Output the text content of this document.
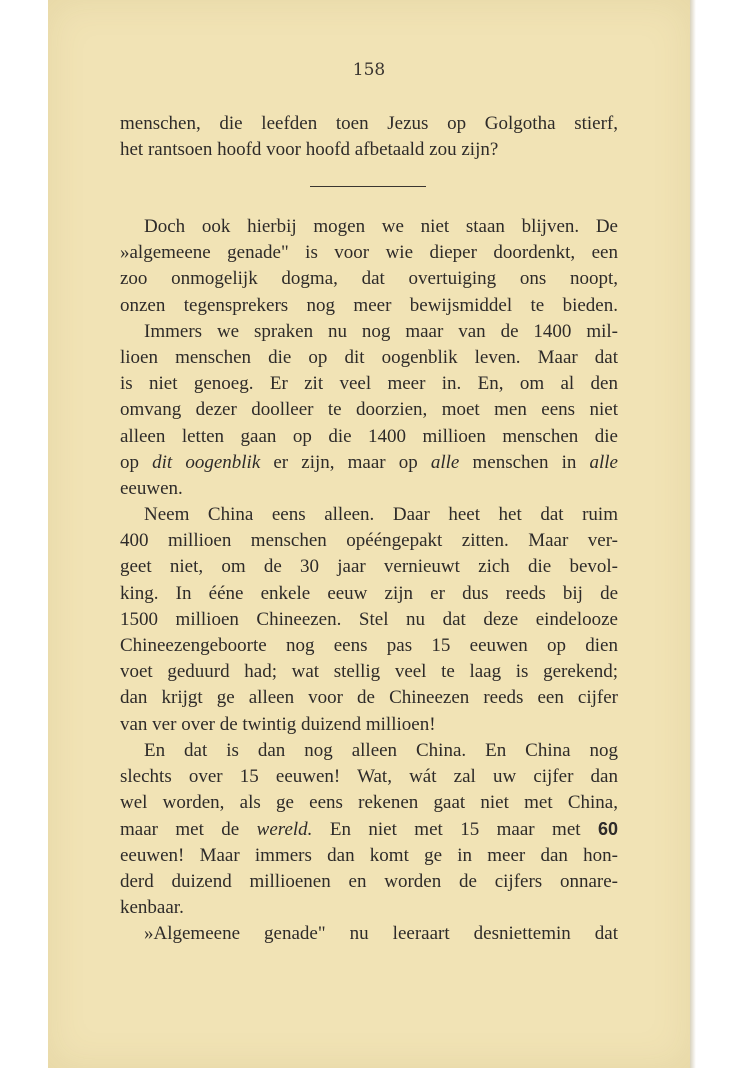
158
menschen, die leefden toen Jezus op Golgotha stierf,
het rantsoen hoofd voor hoofd afbetaald zou zijn?
Doch ook hierbij mogen we niet staan blijven. De
»algemeene genade" is voor wie dieper doordenkt, een
zoo onmogelijk dogma, dat overtuiging ons noopt,
onzen tegensprekers nog meer bewijsmiddel te bieden.
Immers we spraken nu nog maar van de 1400 mil-
lioen menschen die op dit oogenblik leven. Maar dat
is niet genoeg. Er zit veel meer in. En, om al den
omvang dezer doolleer te doorzien, moet men eens niet
alleen letten gaan op die 1400 millioen menschen die
op dit oogenblik er zijn, maar op alle menschen in alle
eeuwen.
Neem China eens alleen. Daar heet het dat ruim
400 millioen menschen opééngepakt zitten. Maar ver-
geet niet, om de 30 jaar vernieuwt zich die bevol-
king. In ééne enkele eeuw zijn er dus reeds bij de
1500 millioen Chineezen. Stel nu dat deze eindelooze
Chineezengeboorte nog eens pas 15 eeuwen op dien
voet geduurd had; wat stellig veel te laag is gerekend;
dan krijgt ge alleen voor de Chineezen reeds een cijfer
van ver over de twintig duizend millioen!
En dat is dan nog alleen China. En China nog
slechts over 15 eeuwen! Wat, wát zal uw cijfer dan
wel worden, als ge eens rekenen gaat niet met China,
maar met de wereld. En niet met 15 maar met 60
eeuwen! Maar immers dan komt ge in meer dan hon-
derd duizend millioenen en worden de cijfers onnare-
kenbaar.
»Algemeene genade" nu leeraart desniettemin dat
